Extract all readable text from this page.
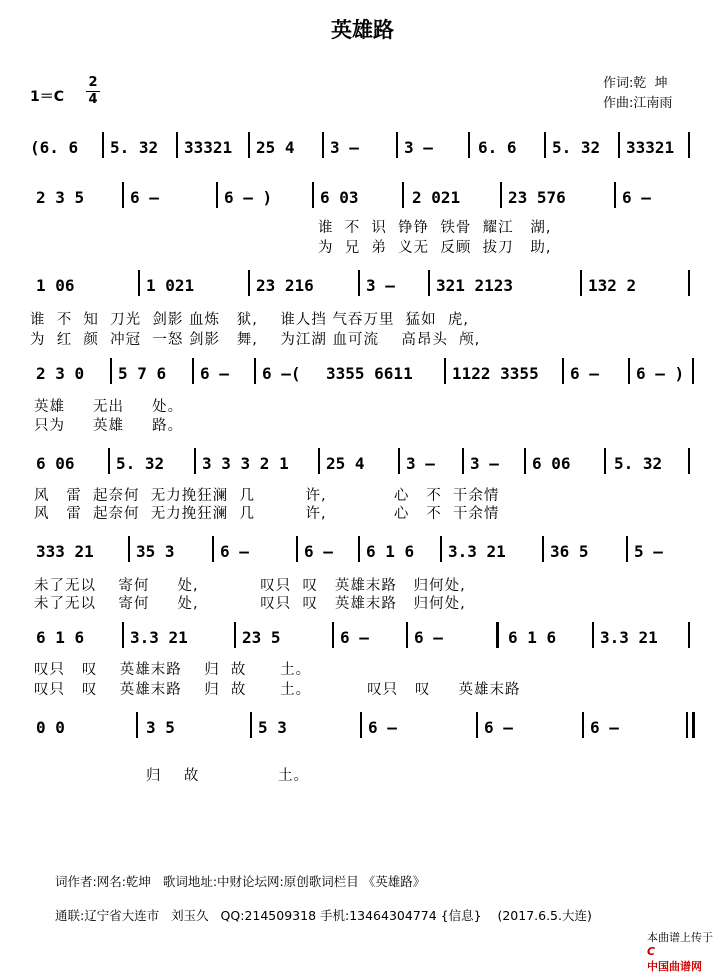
英雄路
1＝C
2
4
作词:乾  坤
作曲:江南雨
(6. 6 5. 32 33321 25 4 3 –	3 –	6. 6 5. 32 33321
2 3 5	6 –	6 – )	6 03	2 021	23 576	6 –
谁  不  识  铮铮  铁骨  耀江   湖,
为  兄  弟  义无  反顾  拔刀   助,
1 06	1 021	23 216	3 –	321 2123	132 2
谁  不  知  刀光  剑影 血炼   狱,    谁人挡 气吞万里  猛如  虎,
为  红  颜  冲冠  一怒 剑影   舞,    为江湖 血可流    高昂头  颅,
2 3 0 5 7 6 6 – 6 –( 3355 6611 1122 3355 6 – 6 – )
英雄     无出     处。
只为     英雄     路。
6 06	5. 32 3 3 3 2 1 25 4	3 – 3 – 6 06	5. 32
风   雷  起奈何  无力挽狂澜  几         许,            心   不  干余情
风   雷  起奈何  无力挽狂澜  几         许,            心   不  干余情
333 21	35 3	6 –	6 – 6 1 6 3.3 21	36 5	5 –
未了无以    寄何     处,           叹只  叹   英雄末路   归何处,
未了无以    寄何     处,           叹只  叹   英雄末路   归何处,
6 1 6	3.3 21	23 5	6 –	6 –	6 1 6	3.3 21
叹只   叹    英雄末路    归  故      土。
叹只   叹    英雄末路    归  故      土。          叹只   叹     英雄末路
0 0	3 5	5 3	6 –	6 –	6 –
归    故              土。
词作者:网名:乾坤   歌词地址:中财论坛网:原创歌词栏目 《英雄路》
通联:辽宁省大连市   刘玉久   QQ:214509318 手机:13464304774 {信息}    (2017.6.5.大连)

本曲谱上传于
C
中国曲谱网
